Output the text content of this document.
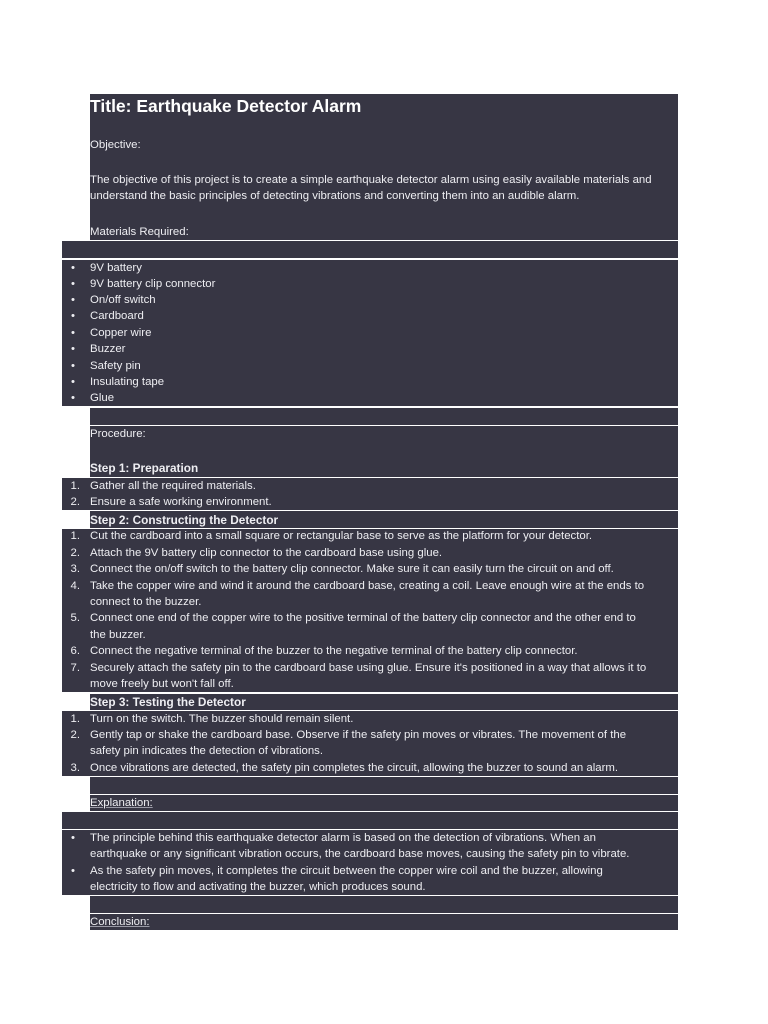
Title: Earthquake Detector Alarm
Objective:
The objective of this project is to create a simple earthquake detector alarm using easily available materials and
understand the basic principles of detecting vibrations and converting them into an audible alarm.
Materials Required:
•	9V battery
•	9V battery clip connector
•	On/off switch
•	Cardboard
•	Copper wire
•	Buzzer
•	Safety pin
•	Insulating tape
•	Glue
Procedure:
Step 1: Preparation
1. Gather all the required materials.
2. Ensure a safe working environment.
Step 2: Constructing the Detector
1. Cut the cardboard into a small square or rectangular base to serve as the platform for your detector.
2. Attach the 9V battery clip connector to the cardboard base using glue.
3. Connect the on/off switch to the battery clip connector. Make sure it can easily turn the circuit on and off.
4. Take the copper wire and wind it around the cardboard base, creating a coil. Leave enough wire at the ends to
connect to the buzzer.
5. Connect one end of the copper wire to the positive terminal of the battery clip connector and the other end to
the buzzer.
6. Connect the negative terminal of the buzzer to the negative terminal of the battery clip connector.
7. Securely attach the safety pin to the cardboard base using glue. Ensure it's positioned in a way that allows it to
move freely but won't fall off.
Step 3: Testing the Detector
1. Turn on the switch. The buzzer should remain silent.
2. Gently tap or shake the cardboard base. Observe if the safety pin moves or vibrates. The movement of the
safety pin indicates the detection of vibrations.
3. Once vibrations are detected, the safety pin completes the circuit, allowing the buzzer to sound an alarm.
Explanation:
•	The principle behind this earthquake detector alarm is based on the detection of vibrations. When an
earthquake or any significant vibration occurs, the cardboard base moves, causing the safety pin to vibrate.
•	As the safety pin moves, it completes the circuit between the copper wire coil and the buzzer, allowing
electricity to flow and activating the buzzer, which produces sound.
Conclusion:
